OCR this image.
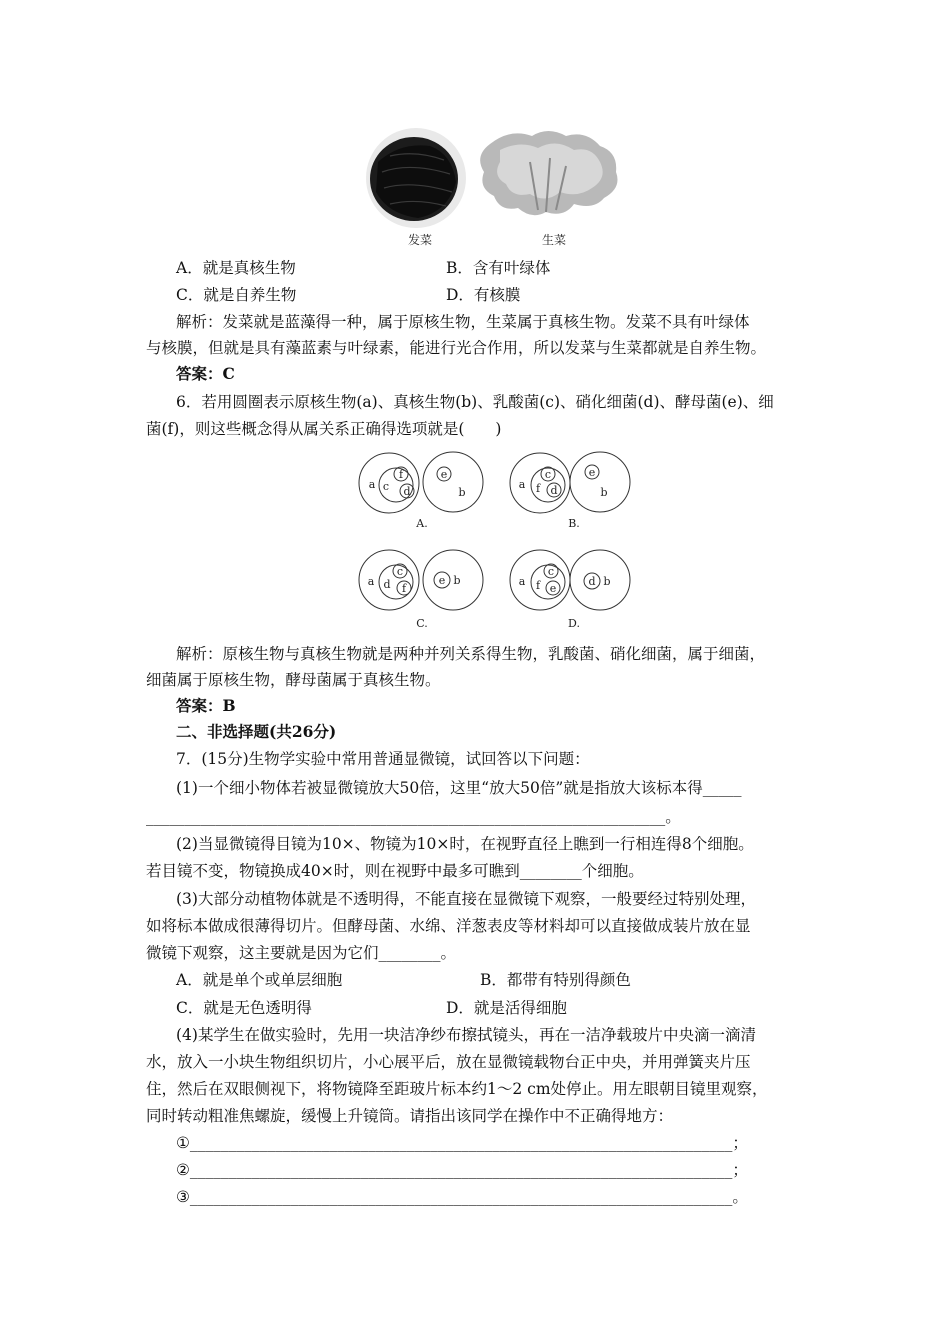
发菜	生菜
A．就是真核生物	B．含有叶绿体
C．就是自养生物	D．有核膜
解析：发菜就是蓝藻得一种，属于原核生物，生菜属于真核生物。发菜不具有叶绿体
与核膜，但就是具有藻蓝素与叶绿素，能进行光合作用，所以发菜与生菜都就是自养生物。
答案：C
6．若用圆圈表示原核生物(a)、真核生物(b)、乳酸菌(c)、硝化细菌(d)、酵母菌(e)、细
菌(f)，则这些概念得从属关系正确得选项就是(　　)
a c
f
d
e
b
A.
a f
c
d
e
b
B.
a d
c
f
e b
C.
a f
c
e
d b
D.
解析：原核生物与真核生物就是两种并列关系得生物，乳酸菌、硝化细菌，属于细菌，
细菌属于原核生物，酵母菌属于真核生物。
答案：B
二、非选择题(共26分)
7．(15分)生物学实验中常用普通显微镜，试回答以下问题：
(1)一个细小物体若被显微镜放大50倍，这里“放大50倍”就是指放大该标本得_____
___________________________________________________________________。
(2)当显微镜得目镜为10×、物镜为10×时，在视野直径上瞧到一行相连得8个细胞。
若目镜不变，物镜换成40×时，则在视野中最多可瞧到________个细胞。
(3)大部分动植物体就是不透明得，不能直接在显微镜下观察，一般要经过特别处理，
如将标本做成很薄得切片。但酵母菌、水绵、洋葱表皮等材料却可以直接做成装片放在显
微镜下观察，这主要就是因为它们________。
A．就是单个或单层细胞	B．都带有特别得颜色
C．就是无色透明得	D．就是活得细胞
(4)某学生在做实验时，先用一块洁净纱布擦拭镜头，再在一洁净载玻片中央滴一滴清
水，放入一小块生物组织切片，小心展平后，放在显微镜载物台正中央，并用弹簧夹片压
住，然后在双眼侧视下，将物镜降至距玻片标本约1～2 cm处停止。用左眼朝目镜里观察，
同时转动粗准焦螺旋，缓慢上升镜筒。请指出该同学在操作中不正确得地方：
①______________________________________________________________________；
②______________________________________________________________________；
③______________________________________________________________________。
